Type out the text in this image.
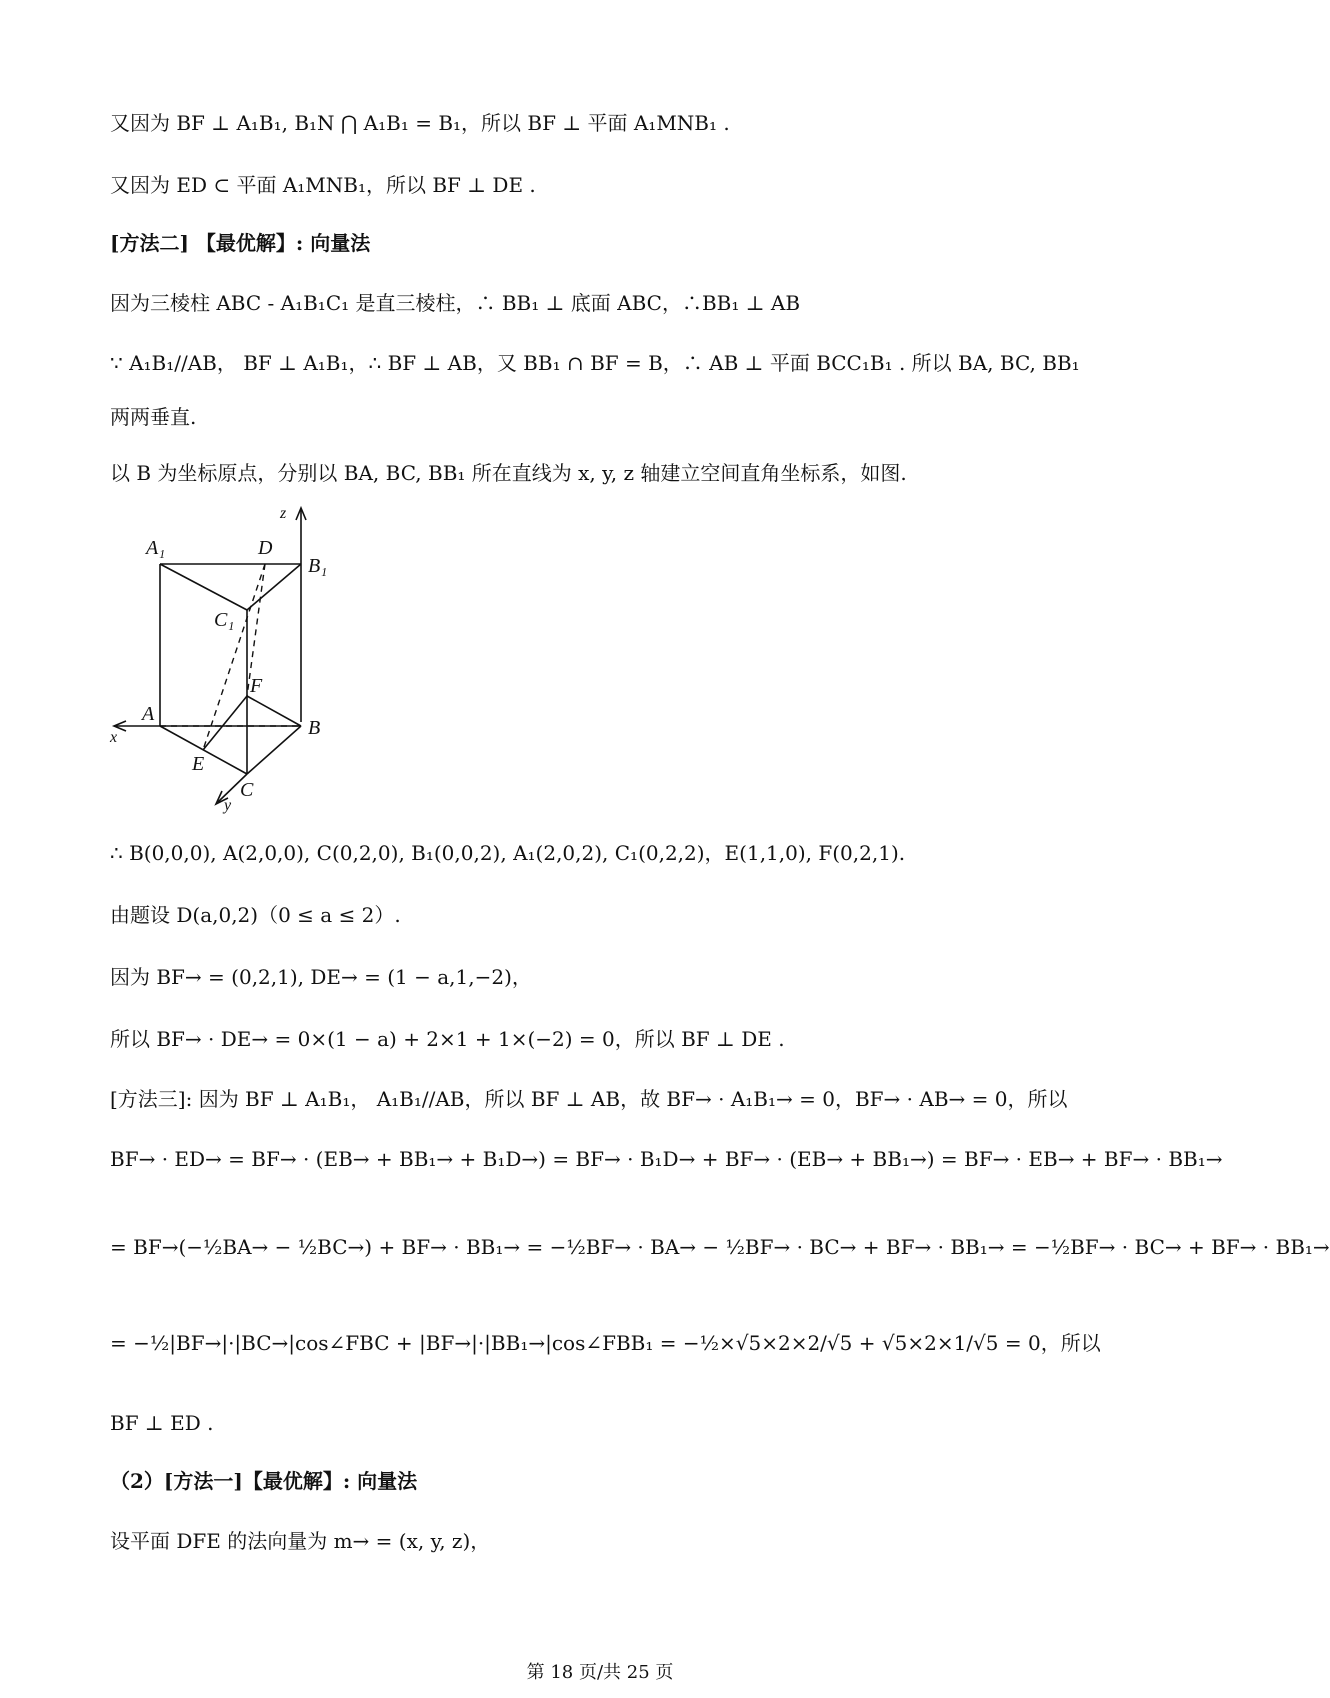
又因为 BF ⊥ A₁B₁, B₁N ⋂ A₁B₁ = B₁，所以 BF ⊥ 平面 A₁MNB₁ .
又因为 ED ⊂ 平面 A₁MNB₁，所以 BF ⊥ DE .
[方法二] 【最优解】: 向量法
因为三棱柱 ABC - A₁B₁C₁ 是直三棱柱，∴ BB₁ ⊥ 底面 ABC，∴BB₁ ⊥ AB
∵ A₁B₁//AB， BF ⊥ A₁B₁，∴ BF ⊥ AB，又 BB₁ ∩ BF = B，∴ AB ⊥ 平面 BCC₁B₁ . 所以 BA, BC, BB₁
两两垂直.
以 B 为坐标原点，分别以 BA, BC, BB₁ 所在直线为 x, y, z 轴建立空间直角坐标系，如图.
∴ B(0,0,0), A(2,0,0), C(0,2,0), B₁(0,0,2), A₁(2,0,2), C₁(0,2,2)，E(1,1,0), F(0,2,1).
由题设 D(a,0,2)（0 ≤ a ≤ 2）.
因为 BF→ = (0,2,1), DE→ = (1 − a,1,−2)，
所以 BF→ · DE→ = 0×(1 − a) + 2×1 + 1×(−2) = 0，所以 BF ⊥ DE .
[方法三]: 因为 BF ⊥ A₁B₁， A₁B₁//AB，所以 BF ⊥ AB，故 BF→ · A₁B₁→ = 0，BF→ · AB→ = 0，所以
BF→ · ED→ = BF→ · (EB→ + BB₁→ + B₁D→) = BF→ · B₁D→ + BF→ · (EB→ + BB₁→) = BF→ · EB→ + BF→ · BB₁→
= BF→(−½BA→ − ½BC→) + BF→ · BB₁→ = −½BF→ · BA→ − ½BF→ · BC→ + BF→ · BB₁→ = −½BF→ · BC→ + BF→ · BB₁→
= −½|BF→|·|BC→|cos∠FBC + |BF→|·|BB₁→|cos∠FBB₁ = −½×√5×2×2/√5 + √5×2×1/√5 = 0，所以
BF ⊥ ED .
（2）[方法一]【最优解】: 向量法
设平面 DFE 的法向量为 m→ = (x, y, z)，
A₁	D
B₁
C₁
F
A
B
E
C
x
y
z
第 18 页/共 25 页
